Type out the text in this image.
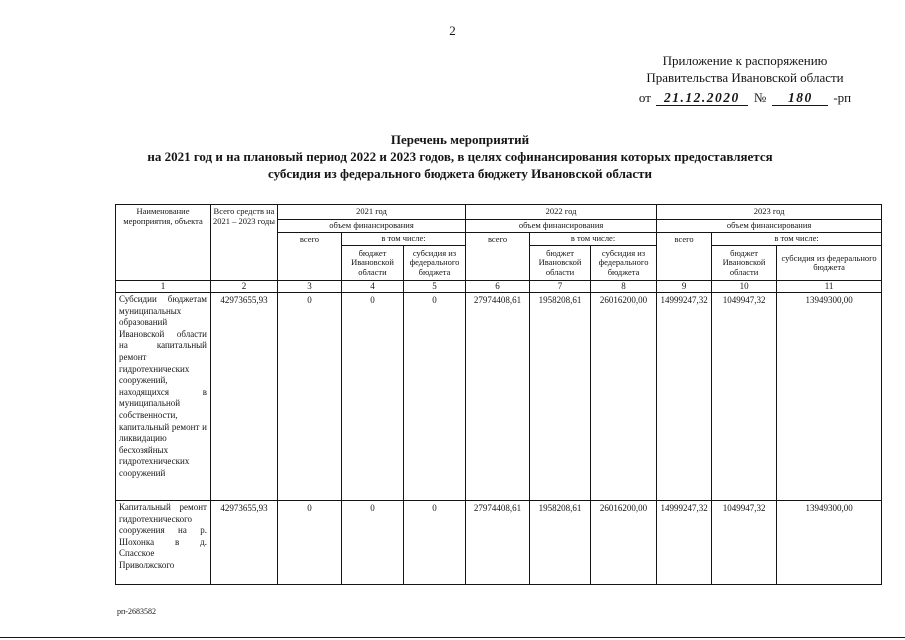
2
Приложение к распоряжению
Правительства Ивановской области
от 21.12.2020 № 180 -рп
Перечень мероприятий
на 2021 год и на плановый период 2022 и 2023 годов, в целях софинансирования которых предоставляется
субсидия из федерального бюджета бюджету Ивановской области
Наименование мероприятия, объекта	Всего средств на 2021 – 2023 годы	2021 год			2022 год			2023 год		
		объем финансирования			объем финансирования			объем финансирования		
		всего	в том числе:		всего	в том числе:		всего	в том числе:	
			бюджет Ивановской области	субсидия из федерального бюджета		бюджет Ивановской области	субсидия из федерального бюджета		бюджет Ивановской области	субсидия из федерального бюджета
1	2	3	4	5	6	7	8	9	10	11
Субсидии бюджетам муниципальных образований Ивановской области на капитальный ремонт гидротехнических сооружений, находящихся в муниципальной собственности, капитальный ремонт и ликвидацию бесхозяйных гидротехнических сооружений	42973655,93	0	0	0	27974408,61	1958208,61	26016200,00	14999247,32	1049947,32	13949300,00
Капитальный ремонт гидротехнического сооружения на р. Шохонка в д. Спасское Приволжского	42973655,93	0	0	0	27974408,61	1958208,61	26016200,00	14999247,32	1049947,32	13949300,00
рп-2683582
